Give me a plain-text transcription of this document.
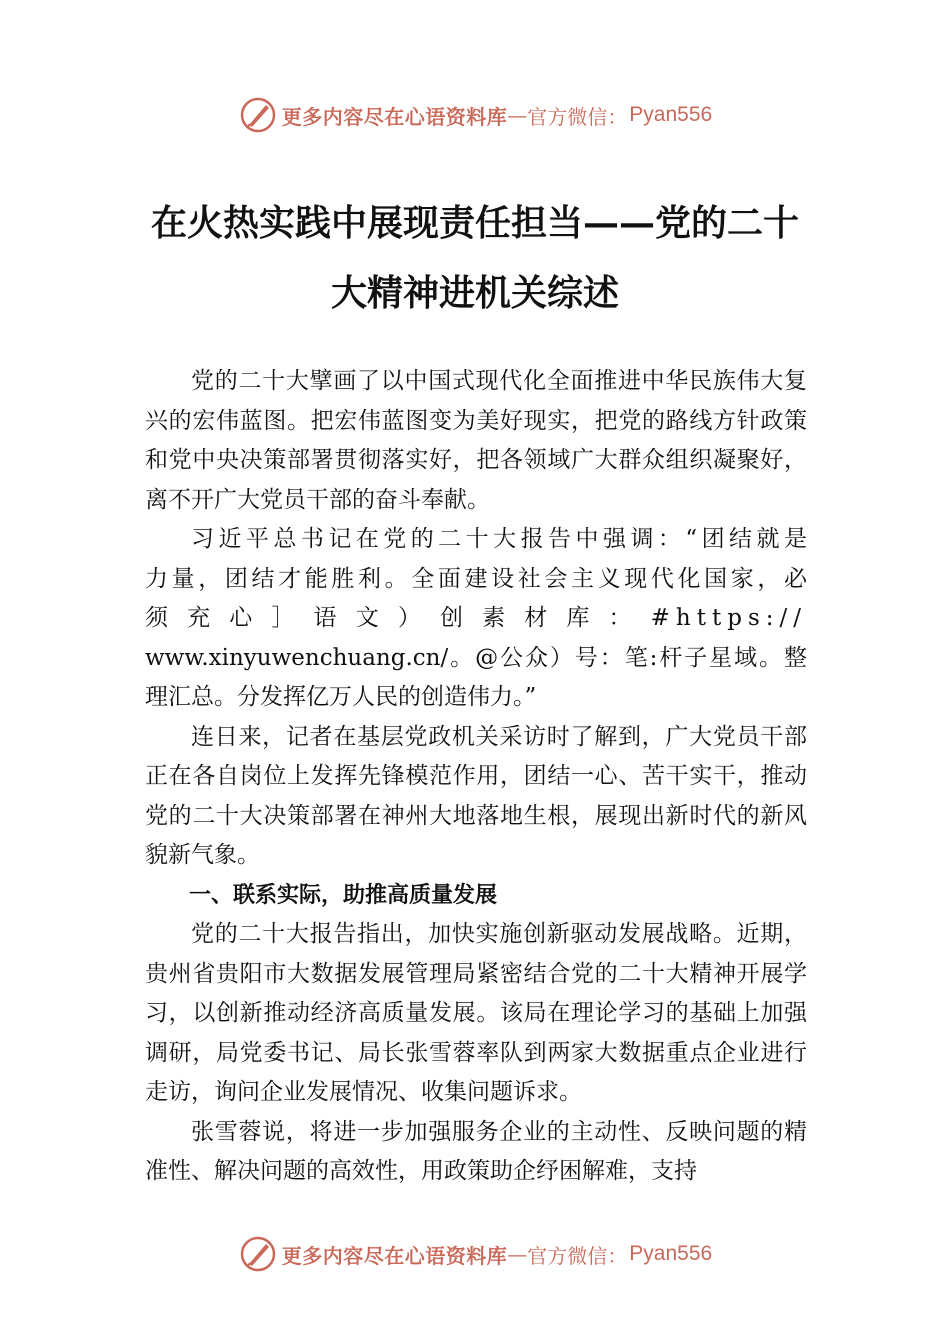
更多内容尽在心语资料库 — 官方微信： Pyan556
在火热实践中展现责任担当——党的二十
大精神进机关综述

党的二十大擘画了以中国式现代化全面推进中华民族伟大复兴的宏伟蓝图。把宏伟蓝图变为美好现实，把党的路线方针政策和党中央决策部署贯彻落实好，把各领域广大群众组织凝聚好，离不开广大党员干部的奋斗奉献。

习近平总书记在党的二十大报告中强调：“团结就是
力量，团结才能胜利。全面建设社会主义现代化国家，必
须充心］语文）创素材库：#https://
www.xinyuwenchuang.cn/。@公众）号：笔:杆子星域。整
理汇总。分发挥亿万人民的创造伟力。”

连日来，记者在基层党政机关采访时了解到，广大党员干部正在各自岗位上发挥先锋模范作用，团结一心、苦干实干，推动党的二十大决策部署在神州大地落地生根，展现出新时代的新风貌新气象。

一、联系实际，助推高质量发展

党的二十大报告指出，加快实施创新驱动发展战略。近期，贵州省贵阳市大数据发展管理局紧密结合党的二十大精神开展学习，以创新推动经济高质量发展。该局在理论学习的基础上加强调研，局党委书记、局长张雪蓉率队到两家大数据重点企业进行走访，询问企业发展情况、收集问题诉求。

张雪蓉说，将进一步加强服务企业的主动性、反映问题的精准性、解决问题的高效性，用政策助企纾困解难，支持

更多内容尽在心语资料库 — 官方微信： Pyan556
